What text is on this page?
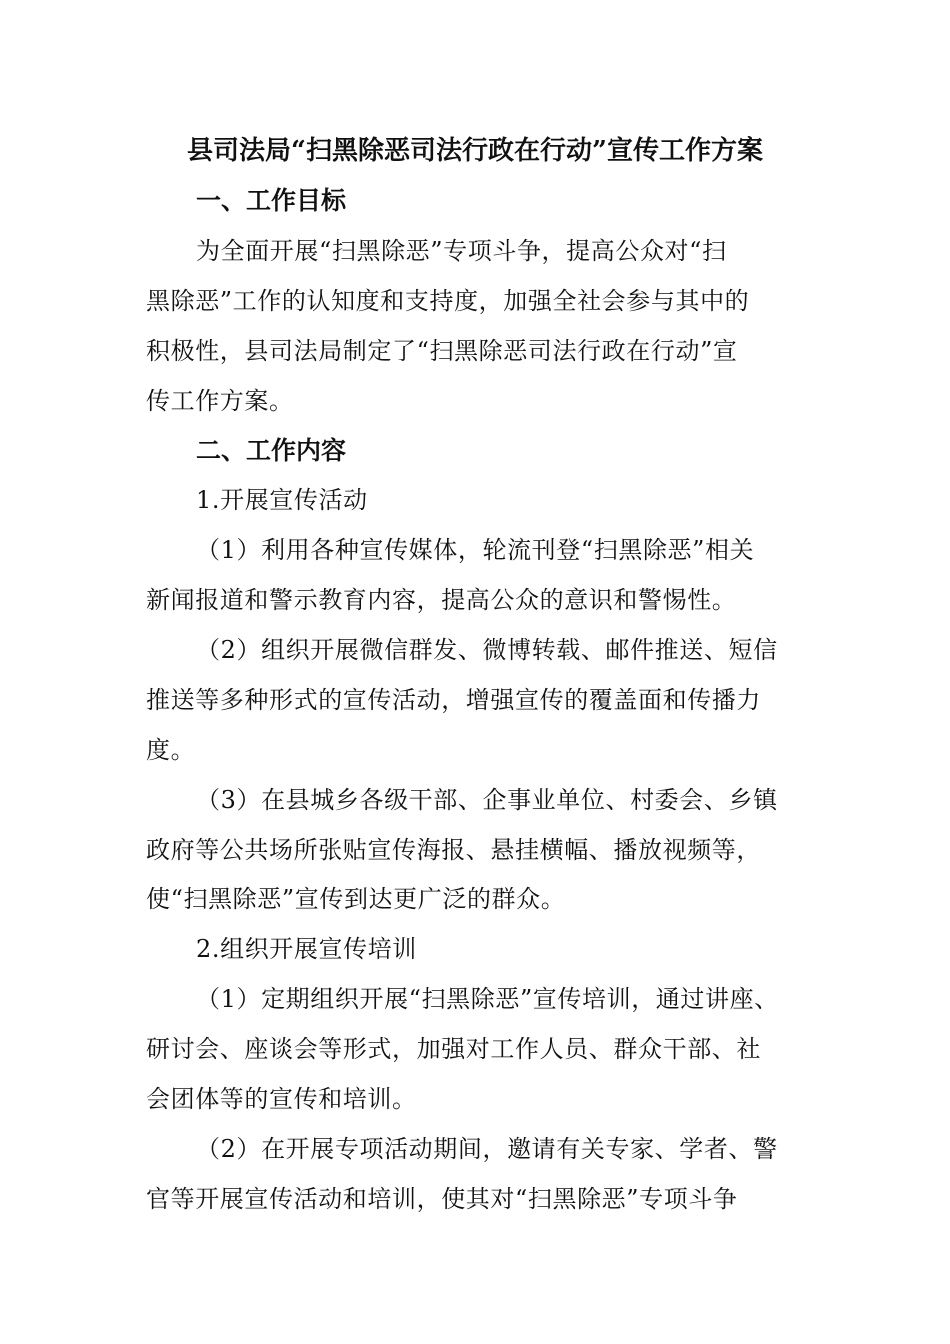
县司法局“扫黑除恶司法行政在行动”宣传工作方案
一、工作目标
为全面开展“扫黑除恶”专项斗争，提高公众对“扫
黑除恶”工作的认知度和支持度，加强全社会参与其中的
积极性，县司法局制定了“扫黑除恶司法行政在行动”宣
传工作方案。
二、工作内容
1.开展宣传活动
（1）利用各种宣传媒体，轮流刊登“扫黑除恶”相关
新闻报道和警示教育内容，提高公众的意识和警惕性。
（2）组织开展微信群发、微博转载、邮件推送、短信
推送等多种形式的宣传活动，增强宣传的覆盖面和传播力
度。
（3）在县城乡各级干部、企事业单位、村委会、乡镇
政府等公共场所张贴宣传海报、悬挂横幅、播放视频等，
使“扫黑除恶”宣传到达更广泛的群众。
2.组织开展宣传培训
（1）定期组织开展“扫黑除恶”宣传培训，通过讲座、
研讨会、座谈会等形式，加强对工作人员、群众干部、社
会团体等的宣传和培训。
（2）在开展专项活动期间，邀请有关专家、学者、警
官等开展宣传活动和培训，使其对“扫黑除恶”专项斗争
